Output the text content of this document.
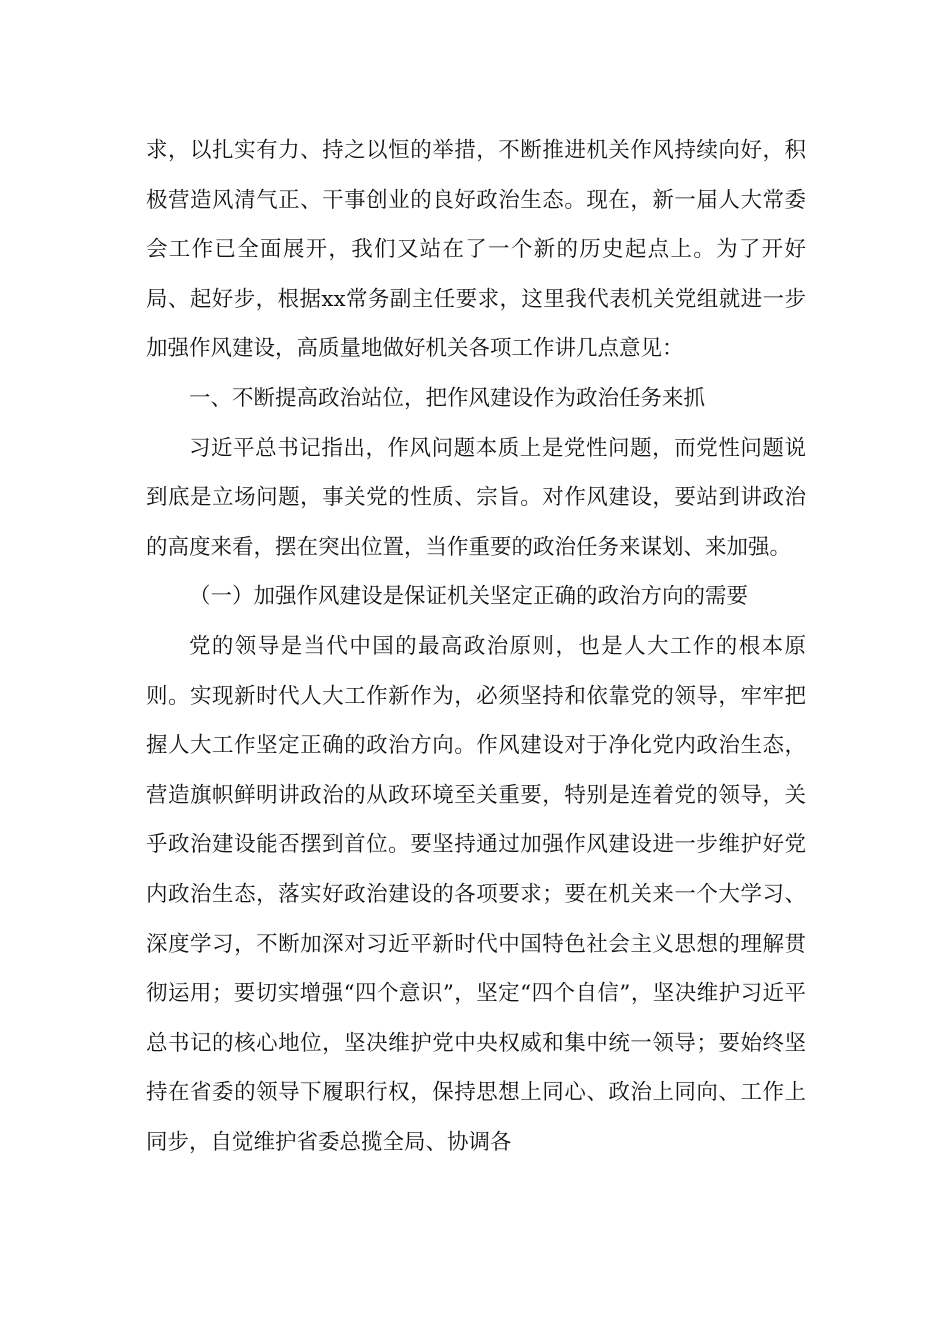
求，以扎实有力、持之以恒的举措，不断推进机关作风持续向好，积极营造风清气正、干事创业的良好政治生态。现在，新一届人大常委会工作已全面展开，我们又站在了一个新的历史起点上。为了开好局、起好步，根据xx常务副主任要求，这里我代表机关党组就进一步加强作风建设，高质量地做好机关各项工作讲几点意见：

一、不断提高政治站位，把作风建设作为政治任务来抓

习近平总书记指出，作风问题本质上是党性问题，而党性问题说到底是立场问题，事关党的性质、宗旨。对作风建设，要站到讲政治的高度来看，摆在突出位置，当作重要的政治任务来谋划、来加强。

（一）加强作风建设是保证机关坚定正确的政治方向的需要

党的领导是当代中国的最高政治原则，也是人大工作的根本原则。实现新时代人大工作新作为，必须坚持和依靠党的领导，牢牢把握人大工作坚定正确的政治方向。作风建设对于净化党内政治生态，营造旗帜鲜明讲政治的从政环境至关重要，特别是连着党的领导，关乎政治建设能否摆到首位。要坚持通过加强作风建设进一步维护好党内政治生态，落实好政治建设的各项要求；要在机关来一个大学习、深度学习，不断加深对习近平新时代中国特色社会主义思想的理解贯彻运用；要切实增强“四个意识”，坚定“四个自信”，坚决维护习近平总书记的核心地位，坚决维护党中央权威和集中统一领导；要始终坚持在省委的领导下履职行权，保持思想上同心、政治上同向、工作上同步，自觉维护省委总揽全局、协调各
